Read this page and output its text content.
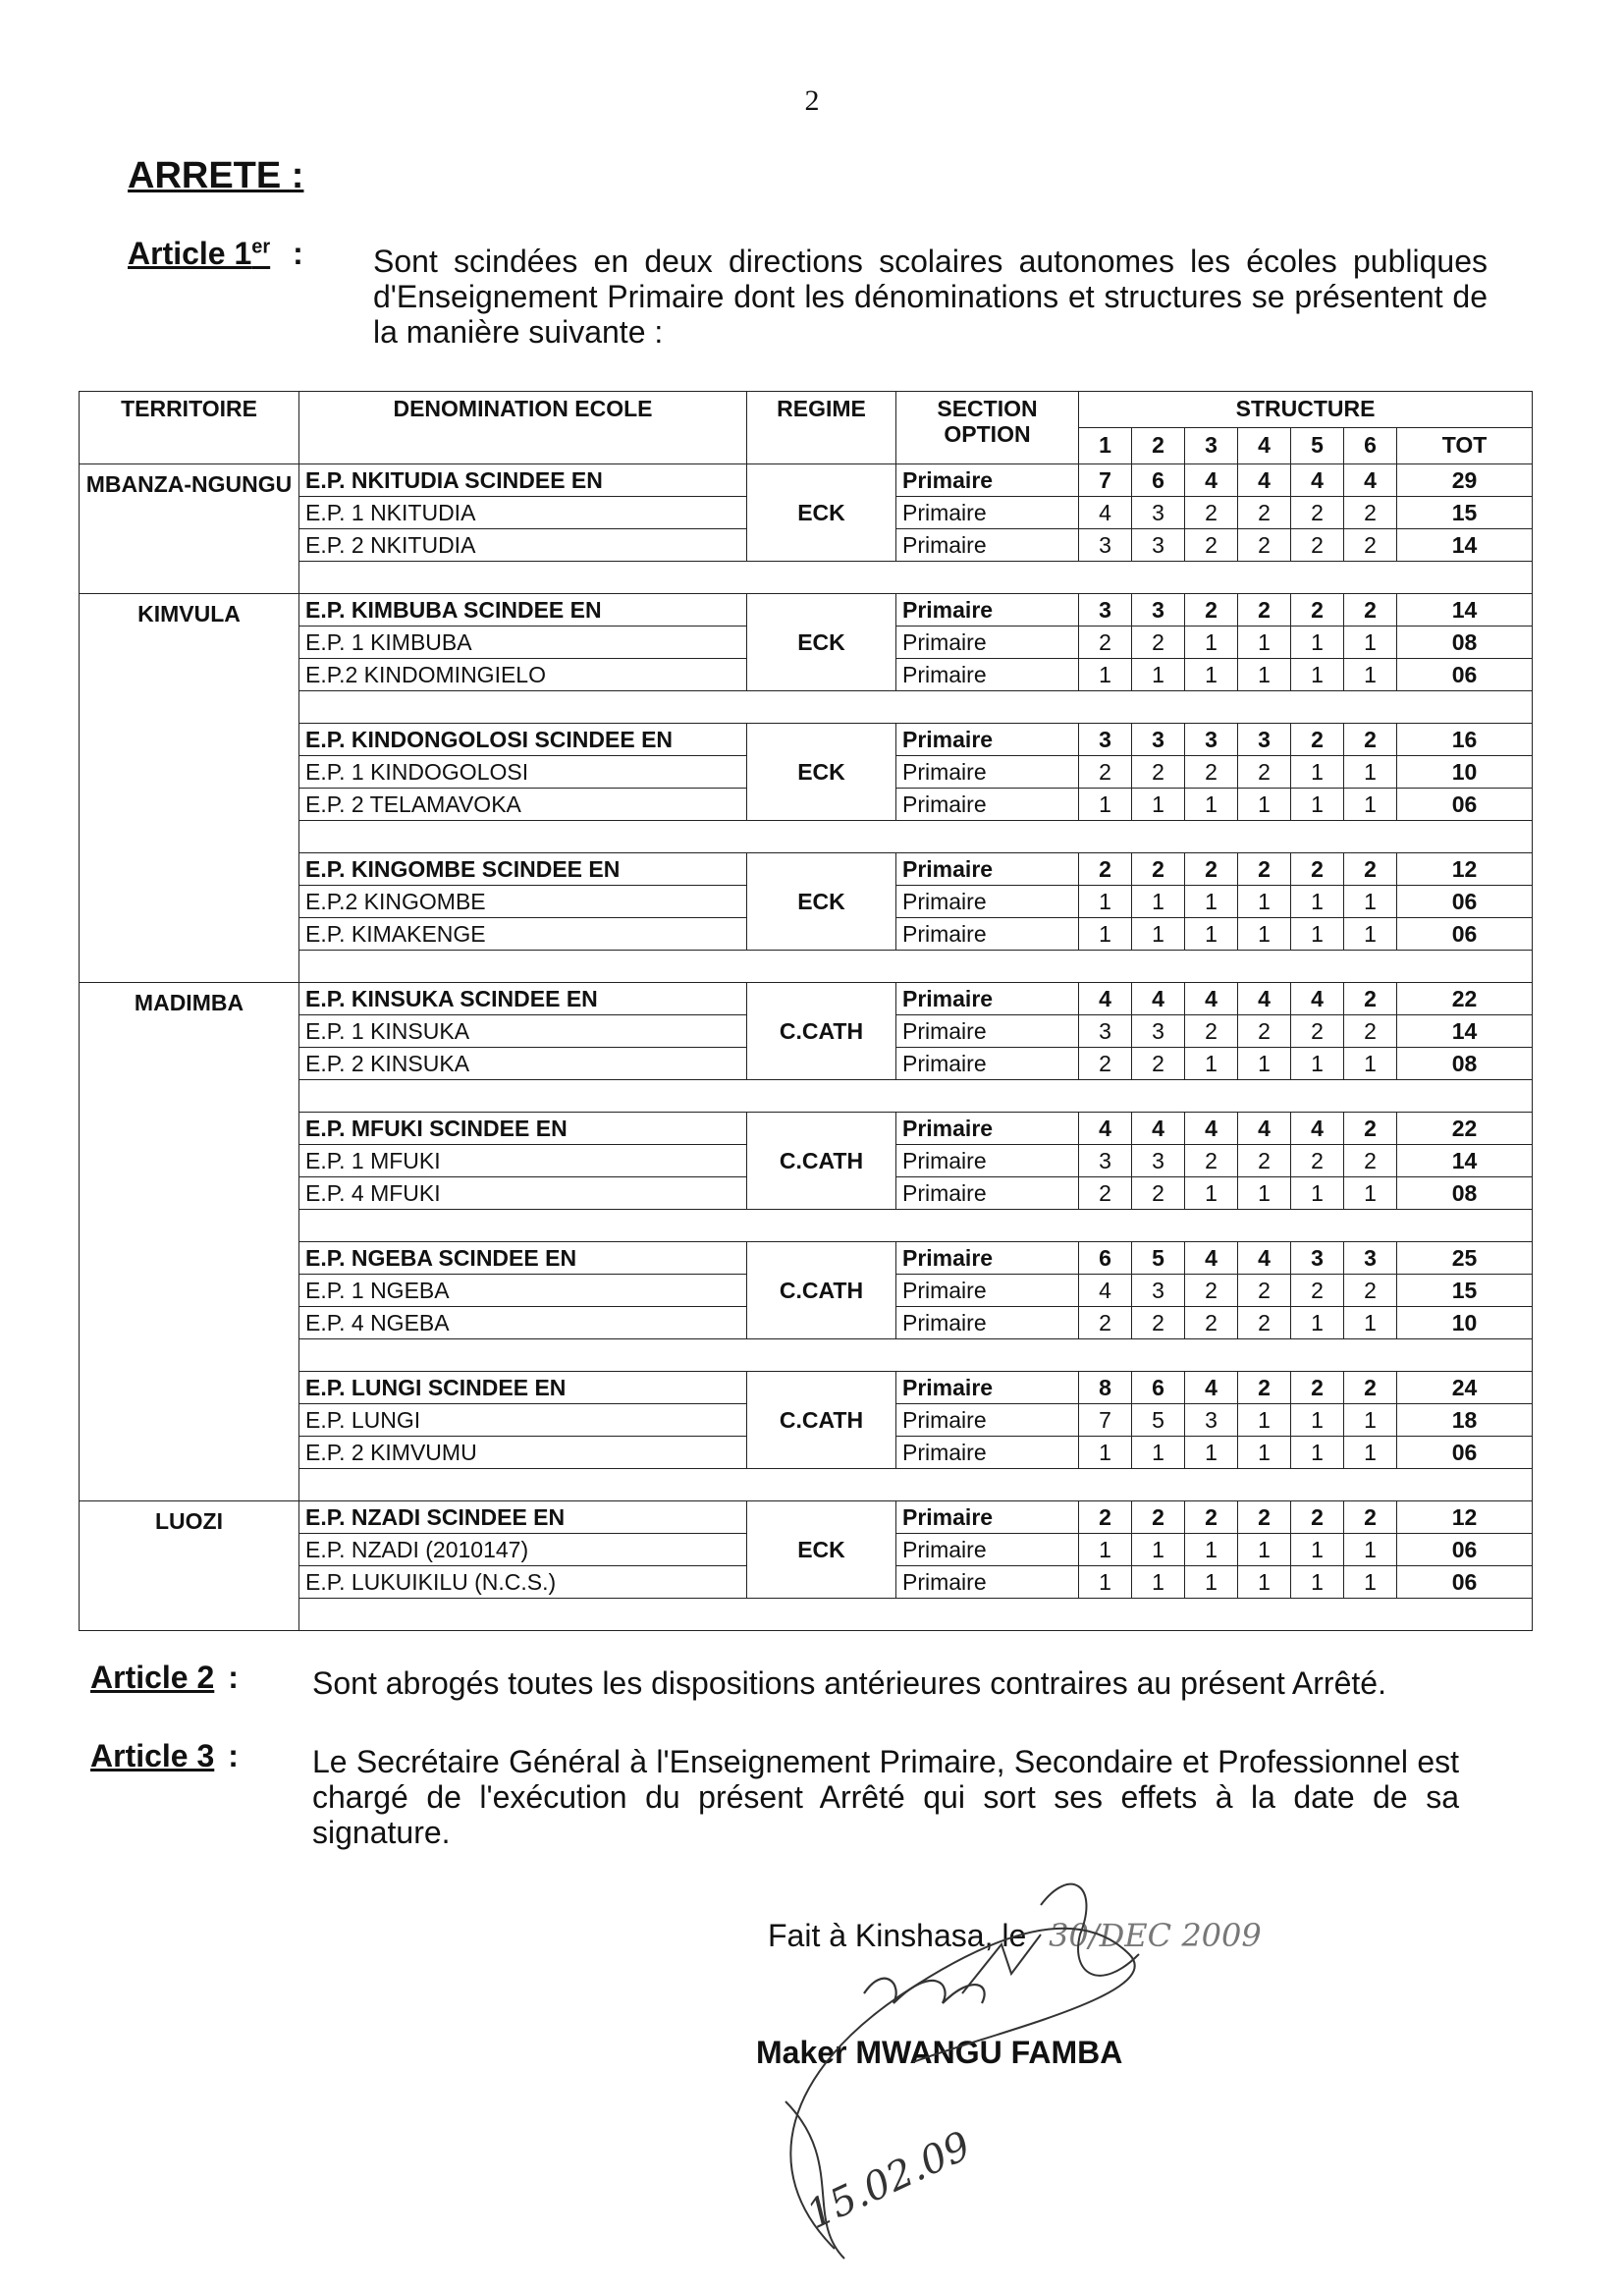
2
ARRETE :
Article 1er : Sont scindées en deux directions scolaires autonomes les écoles publiques d'Enseignement Primaire dont les dénominations et structures se présentent de la manière suivante :
TERRITOIRE	DENOMINATION ECOLE	REGIME	SECTION OPTION	STRUCTURE						
				1	2	3	4	5	6	TOT
MBANZA-NGUNGU	E.P. NKITUDIA SCINDEE EN	ECK	Primaire	7	6	4	4	4	4	29
	E.P. 1 NKITUDIA		Primaire	4	3	2	2	2	2	15
	E.P. 2 NKITUDIA		Primaire	3	3	2	2	2	2	14

KIMVULA	E.P. KIMBUBA SCINDEE EN	ECK	Primaire	3	3	2	2	2	2	14
	E.P. 1 KIMBUBA		Primaire	2	2	1	1	1	1	08
	E.P.2 KINDOMINGIELO		Primaire	1	1	1	1	1	1	06

	E.P. KINDONGOLOSI SCINDEE EN	ECK	Primaire	3	3	3	3	2	2	16
	E.P. 1 KINDOGOLOSI		Primaire	2	2	2	2	1	1	10
	E.P. 2 TELAMAVOKA		Primaire	1	1	1	1	1	1	06

	E.P. KINGOMBE SCINDEE EN	ECK	Primaire	2	2	2	2	2	2	12
	E.P.2 KINGOMBE		Primaire	1	1	1	1	1	1	06
	E.P. KIMAKENGE		Primaire	1	1	1	1	1	1	06

MADIMBA	E.P. KINSUKA SCINDEE EN	C.CATH	Primaire	4	4	4	4	4	2	22
	E.P. 1 KINSUKA		Primaire	3	3	2	2	2	2	14
	E.P. 2 KINSUKA		Primaire	2	2	1	1	1	1	08

	E.P. MFUKI SCINDEE EN	C.CATH	Primaire	4	4	4	4	4	2	22
	E.P. 1 MFUKI		Primaire	3	3	2	2	2	2	14
	E.P. 4 MFUKI		Primaire	2	2	1	1	1	1	08

	E.P. NGEBA SCINDEE EN	C.CATH	Primaire	6	5	4	4	3	3	25
	E.P. 1 NGEBA		Primaire	4	3	2	2	2	2	15
	E.P. 4 NGEBA		Primaire	2	2	2	2	1	1	10

	E.P. LUNGI SCINDEE EN	C.CATH	Primaire	8	6	4	2	2	2	24
	E.P. LUNGI		Primaire	7	5	3	1	1	1	18
	E.P. 2 KIMVUMU		Primaire	1	1	1	1	1	1	06

LUOZI	E.P. NZADI SCINDEE EN	ECK	Primaire	2	2	2	2	2	2	12
	E.P. NZADI (2010147)		Primaire	1	1	1	1	1	1	06
	E.P. LUKUIKILU (N.C.S.)		Primaire	1	1	1	1	1	1	06

Article 2 : Sont abrogés toutes les dispositions antérieures contraires au présent Arrêté.
Article 3 : Le Secrétaire Général à l'Enseignement Primaire, Secondaire et Professionnel est chargé de l'exécution du présent Arrêté qui sort ses effets à la date de sa signature.
Fait à Kinshasa, le 30/DEC 2009
Maker MWANGU FAMBA
15.02.09
